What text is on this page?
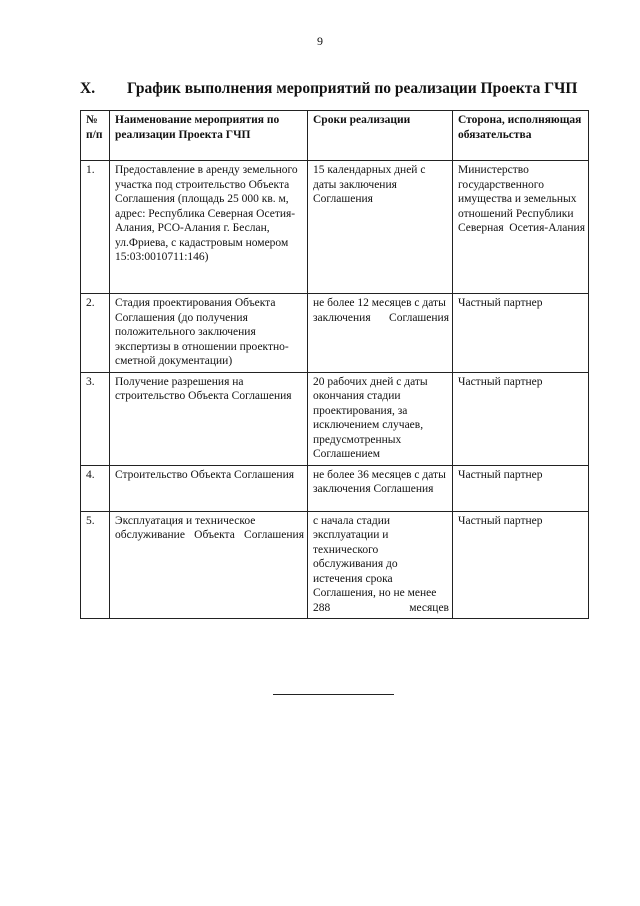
9
X. График выполнения мероприятий по реализации Проекта ГЧП
№ п/п	Наименование мероприятия по реализации Проекта ГЧП	Сроки реализации	Сторона, исполняющая обязательства
1.	Предоставление в аренду земельного участка под строительство Объекта Соглашения (площадь 25 000 кв. м, адрес: Республика Северная Осетия-Алания, РСО-Алания г. Беслан, ул.Фриева, с кадастровым номером 15:03:0010711:146)	15 календарных дней с даты заключения Соглашения	Министерство государственного имущества и земельных отношений Республики Северная Осетия-Алания
2.	Стадия проектирования Объекта Соглашения (до получения положительного заключения экспертизы в отношении проектно-сметной документации)	не более 12 месяцев с даты заключения Соглашения	Частный партнер
3.	Получение разрешения на строительство Объекта Соглашения	20 рабочих дней с даты окончания стадии проектирования, за исключением случаев, предусмотренных Соглашением	Частный партнер
4.	Строительство Объекта Соглашения	не более 36 месяцев с даты заключения Соглашения	Частный партнер
5.	Эксплуатация и техническое обслуживание Объекта Соглашения	с начала стадии эксплуатации и технического обслуживания до истечения срока Соглашения, но не менее 288 месяцев	Частный партнер
